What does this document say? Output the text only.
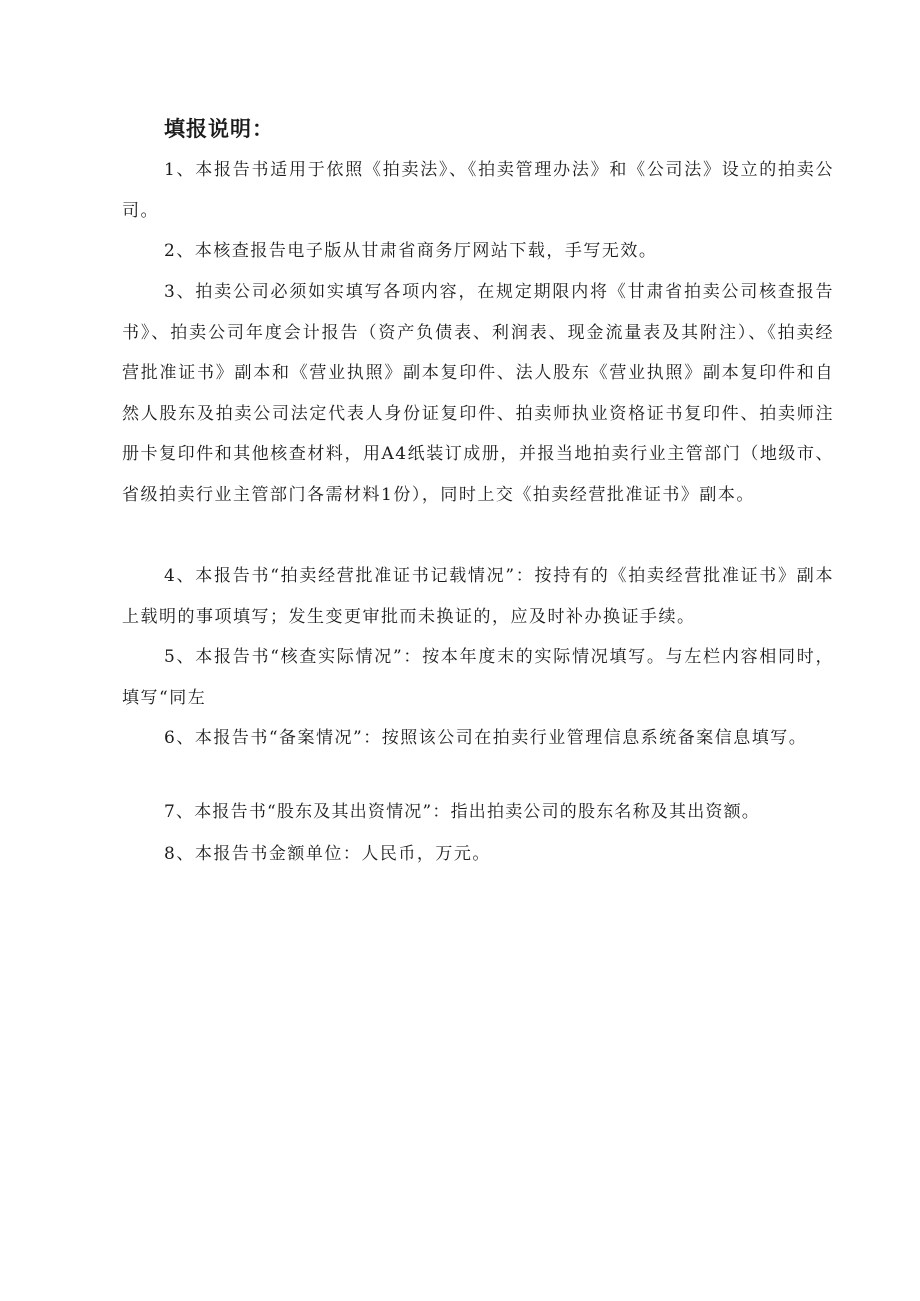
填报说明：

1、本报告书适用于依照《拍卖法》、《拍卖管理办法》和《公司法》设立的拍卖公司。

2、本核查报告电子版从甘肃省商务厅网站下载，手写无效。

3、拍卖公司必须如实填写各项内容，在规定期限内将《甘肃省拍卖公司核查报告书》、拍卖公司年度会计报告（资产负债表、利润表、现金流量表及其附注）、《拍卖经营批准证书》副本和《营业执照》副本复印件、法人股东《营业执照》副本复印件和自然人股东及拍卖公司法定代表人身份证复印件、拍卖师执业资格证书复印件、拍卖师注册卡复印件和其他核查材料，用A4纸装订成册，并报当地拍卖行业主管部门（地级市、省级拍卖行业主管部门各需材料1份），同时上交《拍卖经营批准证书》副本。

4、本报告书“拍卖经营批准证书记载情况”：按持有的《拍卖经营批准证书》副本上载明的事项填写；发生变更审批而未换证的，应及时补办换证手续。

5、本报告书“核查实际情况”：按本年度末的实际情况填写。与左栏内容相同时，填写“同左

6、本报告书“备案情况”：按照该公司在拍卖行业管理信息系统备案信息填写。

7、本报告书“股东及其出资情况”：指出拍卖公司的股东名称及其出资额。

8、本报告书金额单位：人民币，万元。
